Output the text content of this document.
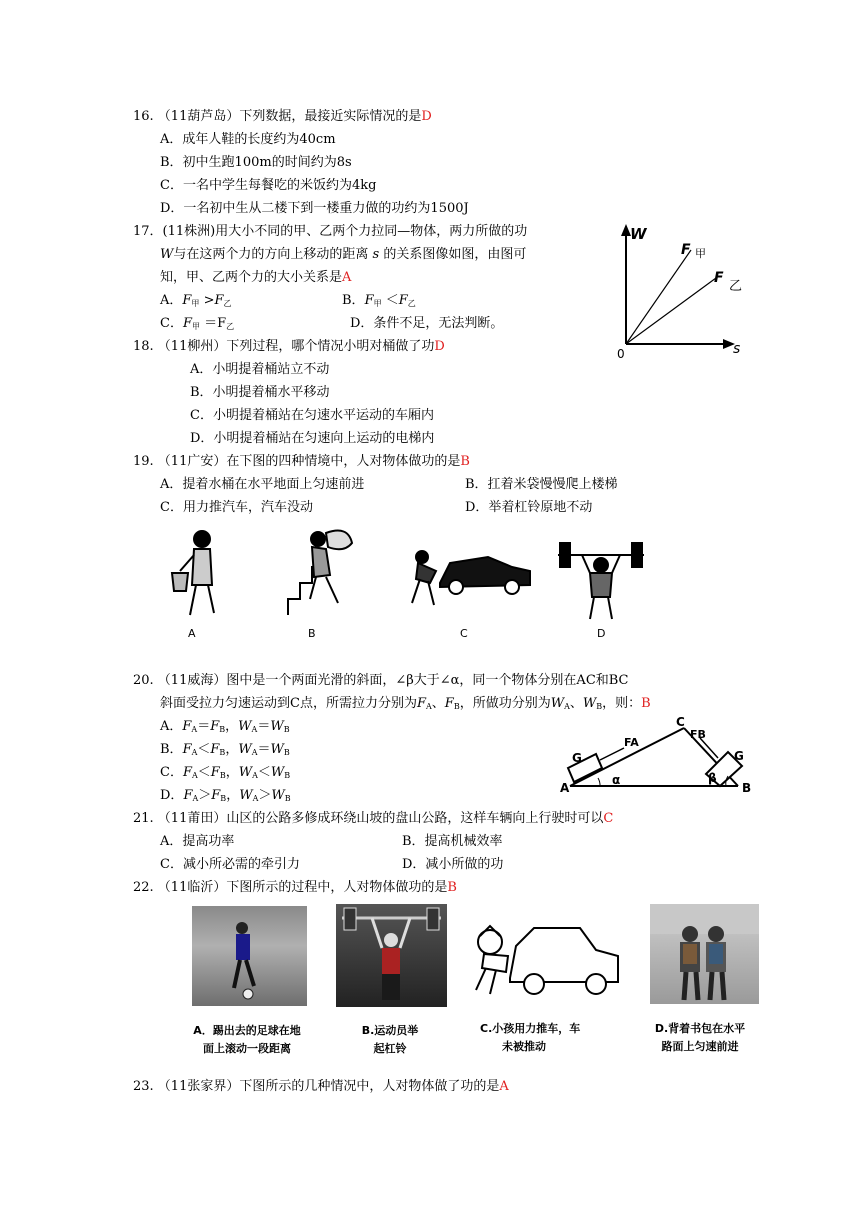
16. （11葫芦岛）下列数据，最接近实际情况的是D
A．成年人鞋的长度约为40cm
B．初中生跑100m的时间约为8s
C．一名中学生每餐吃的米饭约为4kg
D．一名初中生从二楼下到一楼重力做的功约为1500J
17．(11株洲)用大小不同的甲、乙两个力拉同—物体，两力所做的功
W与在这两个力的方向上移动的距离 s 的关系图像如图，由图可
知，甲、乙两个力的大小关系是A
A．$F_甲 >F_乙$	B．$F_甲 <F_乙$
C．$F_甲 =F_乙$	D．条件不足，无法判断。
W
s
0
F 甲
F
乙
18. （11柳州）下列过程，哪个情况小明对桶做了功D
A．小明提着桶站立不动
B．小明提着桶水平移动
C．小明提着桶站在匀速水平运动的车厢内
D．小明提着桶站在匀速向上运动的电梯内
19. （11广安）在下图的四种情境中，人对物体做功的是B
A．提着水桶在水平地面上匀速前进	B．扛着米袋慢慢爬上楼梯
C．用力推汽车，汽车没动	D．举着杠铃原地不动
A	B	C	D
20. （11威海）图中是一个两面光滑的斜面，∠β大于∠α，同一个物体分别在AC和BC
斜面受拉力匀速运动到C点，所需拉力分别为$F_A$、$F_B$，所做功分别为$W_A$、$W_B$，则：B
A．$F_A=F_B$，$W_A=W_B$
B．$F_A<F_B$，$W_A=W_B$
C．$F_A<F_B$，$W_A<W_B$
D．$F_A>F_B$，$W_A>W_B$
G	G
FA
FB
C
A	B
α	β
21. （11莆田）山区的公路多修成环绕山坡的盘山公路，这样车辆向上行驶时可以C
A．提高功率	B．提高机械效率
C．减小所必需的牵引力	D．减小所做的功
22. （11临沂）下图所示的过程中，人对物体做功的是B
A．踢出去的足球在地
面上滚动一段距离
B.运动员举
起杠铃
C.小孩用力推车，车
未被推动
D.背着书包在水平
路面上匀速前进
23. （11张家界）下图所示的几种情况中，人对物体做了功的是A
